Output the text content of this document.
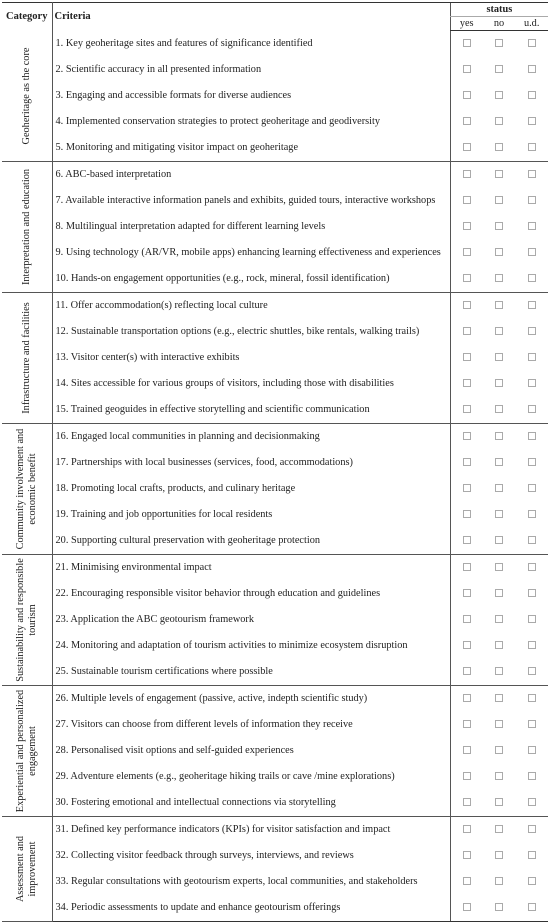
Category	Criteria	status		
		yes	no	u.d.

Geoheritage as the core	1. Key geoheritage sites and features of significance identified			
	2. Scientific accuracy in all presented information			
	3. Engaging and accessible formats for diverse audiences			
	4. Implemented conservation strategies to protect geoheritage and geodiversity			
	5. Monitoring and mitigating visitor impact on geoheritage			

Interpretation and education	6. ABC-based interpretation			
	7. Available interactive information panels and exhibits, guided tours, interactive workshops			
	8. Multilingual interpretation adapted for different learning levels			
	9. Using technology (AR/VR, mobile apps) enhancing learning effectiveness and experiences			
	10. Hands-on engagement opportunities (e.g., rock, mineral, fossil identification)			

Infrastructure and facilities	11. Offer accommodation(s) reflecting local culture			
	12. Sustainable transportation options (e.g., electric shuttles, bike rentals, walking trails)			
	13. Visitor center(s) with interactive exhibits			
	14. Sites accessible for various groups of visitors, including those with disabilities			
	15. Trained geoguides in effective storytelling and scientific communication			

Community involvement and economic benefit	16. Engaged local communities in planning and decisionmaking			
	17. Partnerships with local businesses (services, food, accommodations)			
	18. Promoting local crafts, products, and culinary heritage			
	19. Training and job opportunities for local residents			
	20. Supporting cultural preservation with geoheritage protection			

Sustainability and responsible tourism	21. Minimising environmental impact			
	22. Encouraging responsible visitor behavior through education and guidelines			
	23. Application the ABC geotourism framework			
	24. Monitoring and adaptation of tourism activities to minimize ecosystem disruption			
	25. Sustainable tourism certifications where possible			

Experiential and personalized engagement	26. Multiple levels of engagement (passive, active, indepth scientific study)			
	27. Visitors can choose from different levels of information they receive			
	28. Personalised visit options and self-guided experiences			
	29. Adventure elements (e.g., geoheritage hiking trails or cave /mine explorations)			
	30. Fostering emotional and intellectual connections via storytelling			

Assessment and improvement	31. Defined key performance indicators (KPIs) for visitor satisfaction and impact			
	32. Collecting visitor feedback through surveys, interviews, and reviews			
	33. Regular consultations with geotourism experts, local communities, and stakeholders			
	34. Periodic assessments to update and enhance geotourism offerings			
